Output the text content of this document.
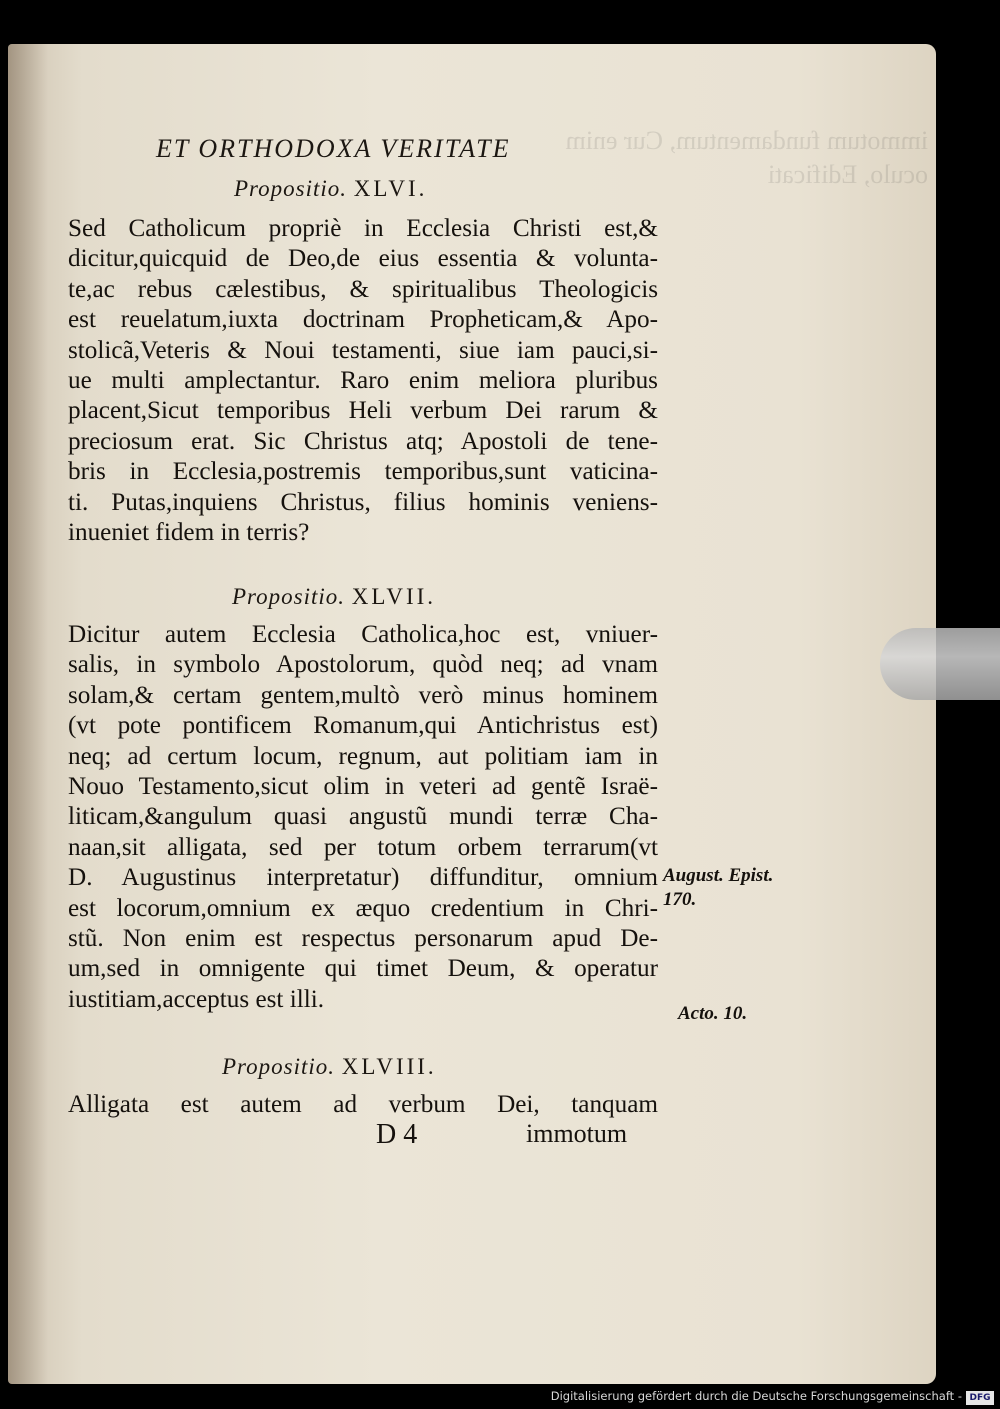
immotum fundamentum, Cur enim oculo, Edificati
ET ORTHODOXA VERITATE
Propositio. XLVI.
Sed Catholicum propriè in Ecclesia Christi est,&
dicitur,quicquid de Deo,de eius essentia & volunta-
te,ac rebus cælestibus, & spiritualibus Theologicis
est reuelatum,iuxta doctrinam Propheticam,& Apo-
stolicã,Veteris & Noui testamenti, siue iam pauci,si-
ue multi amplectantur. Raro enim meliora pluribus
placent,Sicut temporibus Heli verbum Dei rarum &
preciosum erat. Sic Christus atq; Apostoli de tene-
bris in Ecclesia,postremis temporibus,sunt vaticina-
ti. Putas,inquiens Christus, filius hominis veniens-
inueniet fidem in terris?
Propositio. XLVII.
Dicitur autem Ecclesia Catholica,hoc est, vniuer-
salis, in symbolo Apostolorum, quòd neq; ad vnam
solam,& certam gentem,multò verò minus hominem
(vt pote pontificem Romanum,qui Antichristus est)
neq; ad certum locum, regnum, aut politiam iam in
Nouo Testamento,sicut olim in veteri ad gentẽ Israë-
liticam,&angulum quasi angustũ mundi terræ Cha-
naan,sit alligata, sed per totum orbem terrarum(vt
D. Augustinus interpretatur) diffunditur, omnium
est locorum,omnium ex æquo credentium in Chri-
stũ. Non enim est respectus personarum apud De-
um,sed in omnigente qui timet Deum, & operatur
iustitiam,acceptus est illi.
Propositio. XLVIII.
Alligata est autem ad verbum Dei, tanquam
August. Epist.
170.
Acto. 10.
D 4	immotum
Digitalisierung gefördert durch die Deutsche Forschungsgemeinschaft - DFG
